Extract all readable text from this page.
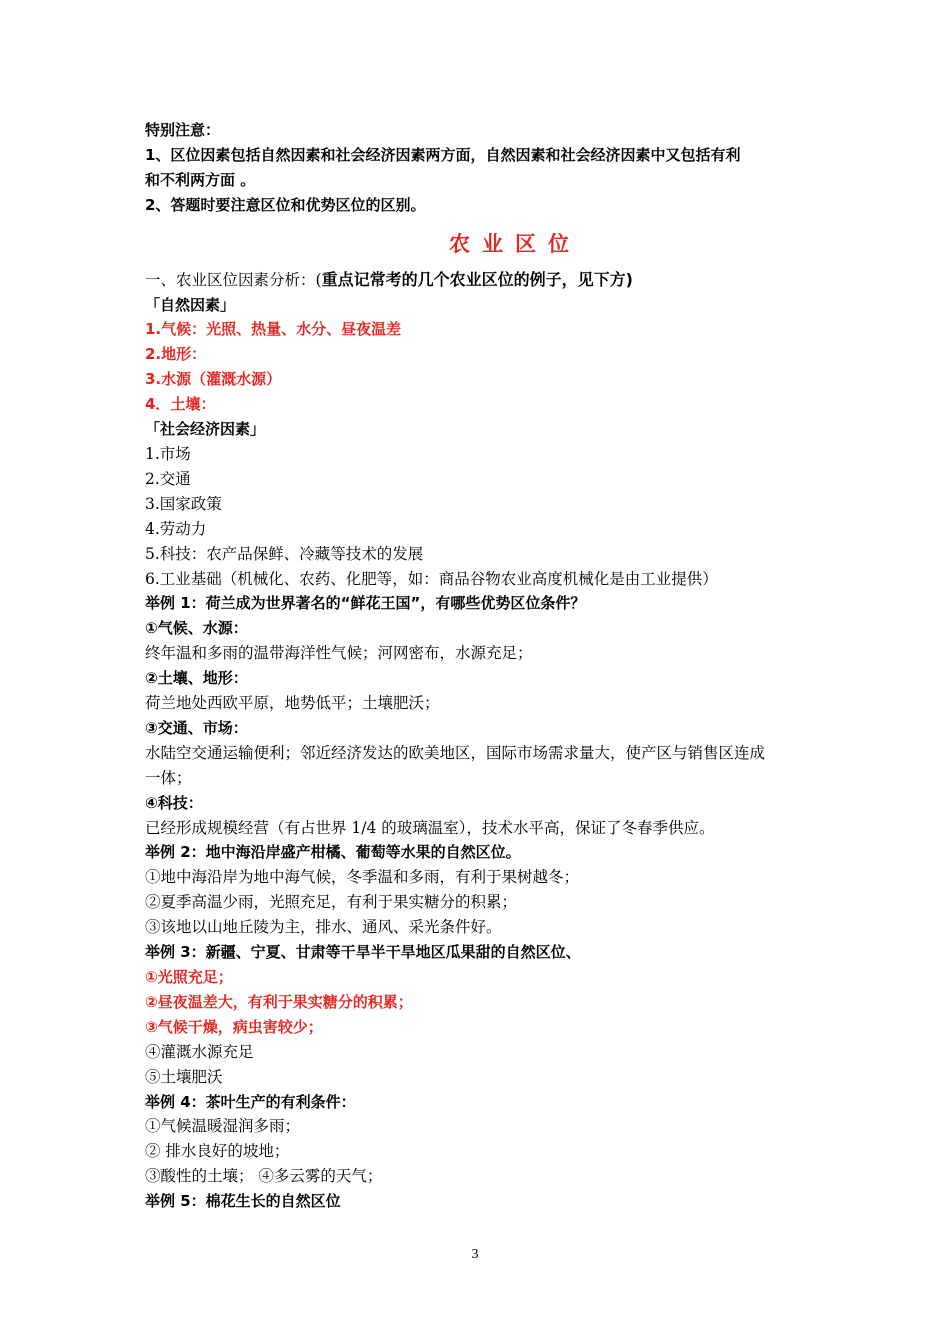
特别注意：
1、区位因素包括自然因素和社会经济因素两方面，自然因素和社会经济因素中又包括有利
和不利两方面 。
2、答题时要注意区位和优势区位的区别。
农业区位
一、农业区位因素分析：(重点记常考的几个农业区位的例子，见下方)
「自然因素」
1.气候：光照、热量、水分、昼夜温差
2.地形：
3.水源（灌溉水源）
4．土壤：
「社会经济因素」
1.市场
2.交通
3.国家政策
4.劳动力
5.科技：农产品保鲜、冷藏等技术的发展
6.工业基础（机械化、农药、化肥等，如：商品谷物农业高度机械化是由工业提供）
举例 1：荷兰成为世界著名的“鲜花王国”，有哪些优势区位条件？
①气候、水源：
终年温和多雨的温带海洋性气候；河网密布，水源充足；
②土壤、地形：
荷兰地处西欧平原，地势低平；土壤肥沃；
③交通、市场：
水陆空交通运输便利；邻近经济发达的欧美地区，国际市场需求量大，使产区与销售区连成
一体；
④科技：
已经形成规模经营（有占世界 1/4 的玻璃温室），技术水平高，保证了冬春季供应。
举例 2：地中海沿岸盛产柑橘、葡萄等水果的自然区位。
①地中海沿岸为地中海气候，冬季温和多雨，有利于果树越冬；
②夏季高温少雨，光照充足，有利于果实糖分的积累；
③该地以山地丘陵为主，排水、通风、采光条件好。
举例 3：新疆、宁夏、甘肃等干旱半干旱地区瓜果甜的自然区位、
①光照充足；
②昼夜温差大，有利于果实糖分的积累；
③气候干燥，病虫害较少；
④灌溉水源充足
⑤土壤肥沃
举例 4：茶叶生产的有利条件：
①气候温暖湿润多雨；
② 排水良好的坡地；
③酸性的土壤； ④多云雾的天气；
举例 5：棉花生长的自然区位
3
